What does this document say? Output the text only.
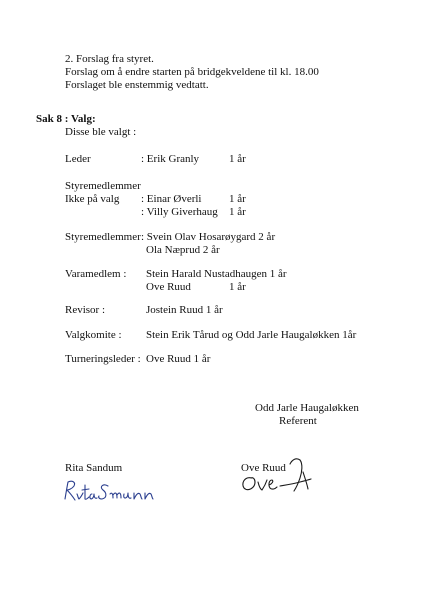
2. Forslag fra styret.
Forslag om å endre starten på bridgekveldene til kl. 18.00
Forslaget ble enstemmig vedtatt.
Sak 8 : Valg:
Disse ble valgt :
Leder	: Erik Granly	1 år
Styremedlemmer
Ikke på valg : Einar Øverli	1 år
: Villy Giverhaug 1 år
Styremedlemmer : Svein Olav Hosarøygard 2 år
Ola Næprud 2 år
Varamedlem : Stein Harald Nustadhaugen 1 år
Ove Ruud	1 år
Revisor :	Jostein Ruud 1 år
Valgkomite : Stein Erik Tårud og Odd Jarle Haugaløkken 1år
Turneringsleder : Ove Ruud 1 år
Odd Jarle Haugaløkken
Referent
Rita Sandum	Ove Ruud
